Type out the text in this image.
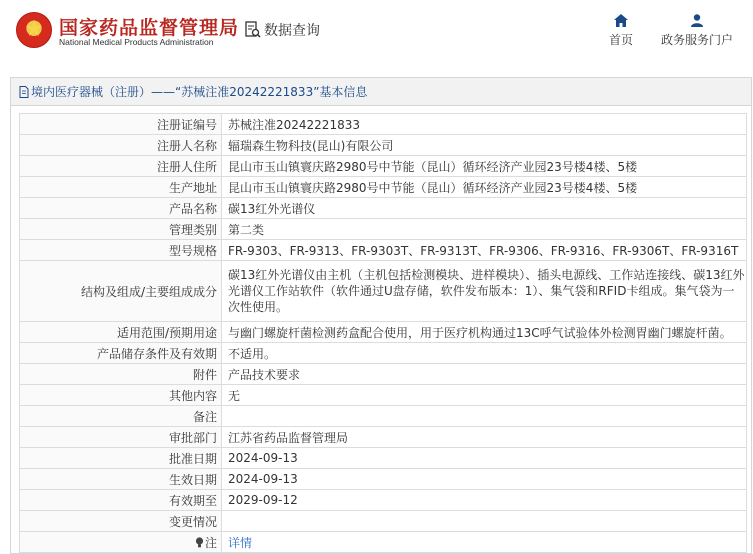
国家药品监督管理局
National Medical Products Administration
数据查询
首页 政务服务门户
境内医疗器械（注册）——“苏械注准20242221833”基本信息
注册证编号	苏械注准20242221833
注册人名称	辐瑞森生物科技(昆山)有限公司
注册人住所	昆山市玉山镇寰庆路2980号中节能（昆山）循环经济产业园23号楼4楼、5楼
生产地址	昆山市玉山镇寰庆路2980号中节能（昆山）循环经济产业园23号楼4楼、5楼
产品名称	碳13红外光谱仪
管理类别	第二类
型号规格	FR-9303、FR-9313、FR-9303T、FR-9313T、FR-9306、FR-9316、FR-9306T、FR-9316T
结构及组成/主要组成成分	碳13红外光谱仪由主机（主机包括检测模块、进样模块）、插头电源线、工作站连接线、碳13红外光谱仪工作站软件（软件通过U盘存储，软件发布版本：1）、集气袋和RFID卡组成。集气袋为一次性使用。
适用范围/预期用途	与幽门螺旋杆菌检测药盒配合使用，用于医疗机构通过13C呼气试验体外检测胃幽门螺旋杆菌。
产品储存条件及有效期	不适用。
附件	产品技术要求
其他内容	无
备注	
审批部门	江苏省药品监督管理局
批准日期	2024-09-13
生效日期	2024-09-13
有效期至	2029-09-12
变更情况	
注	详情
